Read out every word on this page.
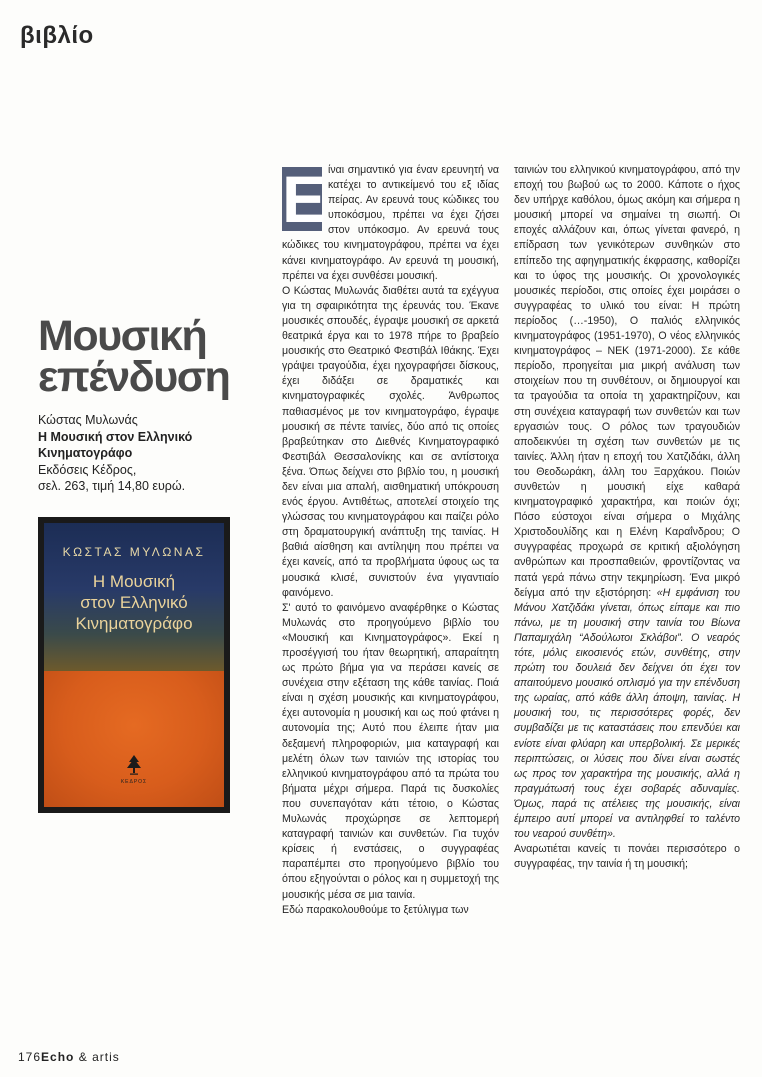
βιβλίο
Μουσική
επένδυση
Κώστας Μυλωνάς
Η Μουσική στον Ελληνικό Κινηματογράφο
Εκδόσεις Κέδρος,
σελ. 263, τιμή 14,80 ευρώ.
ΚΩΣΤΑΣ ΜΥΛΩΝΑΣ
Η Μουσική
στον Ελληνικό
Κινηματογράφο
ΚΕΔΡΟΣ

Ε ίναι σημαντικό για έναν ερευνητή να κατέχει το αντικείμενό του εξ ιδίας πείρας. Αν ερευνά τους κώδικες του υποκόσμου, πρέπει να έχει ζήσει στον υπόκοσμο. Αν ερευνά τους κώδικες του κινηματογράφου, πρέπει να έχει κάνει κινηματογράφο. Αν ερευνά τη μουσική, πρέπει να έχει συνθέσει μουσική.

Ο Κώστας Μυλωνάς διαθέτει αυτά τα εχέγγυα για τη σφαιρικότητα της έρευνάς του. Έκανε μουσικές σπουδές, έγραψε μουσική σε αρκετά θεατρικά έργα και το 1978 πήρε το βραβείο μουσικής στο Θεατρικό Φεστιβάλ Ιθάκης. Έχει γράψει τραγούδια, έχει ηχογραφήσει δίσκους, έχει διδάξει σε δραματικές και κινηματογραφικές σχολές. Άνθρωπος παθιασμένος με τον κινηματογράφο, έγραψε μουσική σε πέντε ταινίες, δύο από τις οποίες βραβεύτηκαν στο Διεθνές Κινηματογραφικό Φεστιβάλ Θεσσαλονίκης και σε αντίστοιχα ξένα. Όπως δείχνει στο βιβλίο του, η μουσική δεν είναι μια απαλή, αισθηματική υπόκρουση ενός έργου. Αντιθέτως, αποτελεί στοιχείο της γλώσσας του κινηματογράφου και παίζει ρόλο στη δραματουργική ανάπτυξη της ταινίας. Η βαθιά αίσθηση και αντίληψη που πρέπει να έχει κανείς, από τα προβλήματα ύφους ως τα μουσικά κλισέ, συνιστούν ένα γιγαντιαίο φαινόμενο.

Σ' αυτό το φαινόμενο αναφέρθηκε ο Κώστας Μυλωνάς στο προηγούμενο βιβλίο του «Μουσική και Κινηματογράφος». Εκεί η προσέγγισή του ήταν θεωρητική, απαραίτητη ως πρώτο βήμα για να περάσει κανείς σε συνέχεια στην εξέταση της κάθε ταινίας. Ποιά είναι η σχέση μουσικής και κινηματογράφου, έχει αυτονομία η μουσική και ως πού φτάνει η αυτονομία της; Αυτό που έλειπε ήταν μια δεξαμενή πληροφοριών, μια καταγραφή και μελέτη όλων των ταινιών της ιστορίας του ελληνικού κινηματογράφου από τα πρώτα του βήματα μέχρι σήμερα. Παρά τις δυσκολίες που συνεπαγόταν κάτι τέτοιο, ο Κώστας Μυλωνάς προχώρησε σε λεπτομερή καταγραφή ταινιών και συνθετών. Για τυχόν κρίσεις ή ενστάσεις, ο συγγραφέας παραπέμπει στο προηγούμενο βιβλίο του όπου εξηγούνται ο ρόλος και η συμμετοχή της μουσικής μέσα σε μια ταινία.

Εδώ παρακολουθούμε το ξετύλιγμα των

ταινιών του ελληνικού κινηματογράφου, από την εποχή του βωβού ως το 2000. Κάποτε ο ήχος δεν υπήρχε καθόλου, όμως ακόμη και σήμερα η μουσική μπορεί να σημαίνει τη σιωπή. Οι εποχές αλλάζουν και, όπως γίνεται φανερό, η επίδραση των γενικότερων συνθηκών στο επίπεδο της αφηγηματικής έκφρασης, καθορίζει και το ύφος της μουσικής. Οι χρονολογικές μουσικές περίοδοι, στις οποίες έχει μοιράσει ο συγγραφέας το υλικό του είναι: Η πρώτη περίοδος (…-1950), Ο παλιός ελληνικός κινηματογράφος (1951-1970), Ο νέος ελληνικός κινηματογράφος – ΝΕΚ (1971-2000). Σε κάθε περίοδο, προηγείται μια μικρή ανάλυση των στοιχείων που τη συνθέτουν, οι δημιουργοί και τα τραγούδια τα οποία τη χαρακτηρίζουν, και στη συνέχεια καταγραφή των συνθετών και των εργασιών τους. Ο ρόλος των τραγουδιών αποδεικνύει τη σχέση των συνθετών με τις ταινίες. Άλλη ήταν η εποχή του Χατζιδάκι, άλλη του Θεοδωράκη, άλλη του Ξαρχάκου. Ποιών συνθετών η μουσική είχε καθαρά κινηματογραφικό χαρακτήρα, και ποιών όχι; Πόσο εύστοχοι είναι σήμερα ο Μιχάλης Χριστοδουλίδης και η Ελένη Καραΐνδρου; Ο συγγραφέας προχωρά σε κριτική αξιολόγηση ανθρώπων και προσπαθειών, φροντίζοντας να πατά γερά πάνω στην τεκμηρίωση. Ένα μικρό δείγμα από την εξιστόρηση: «Η εμφάνιση του Μάνου Χατζιδάκι γίνεται, όπως είπαμε και πιο πάνω, με τη μουσική στην ταινία του Βίωνα Παπαμιχάλη “Αδούλωτοι Σκλάβοι”. Ο νεαρός τότε, μόλις εικοσιενός ετών, συνθέτης, στην πρώτη του δουλειά δεν δείχνει ότι έχει τον απαιτούμενο μουσικό οπλισμό για την επένδυση της ωραίας, από κάθε άλλη άποψη, ταινίας. Η μουσική του, τις περισσότερες φορές, δεν συμβαδίζει με τις καταστάσεις που επενδύει και ενίοτε είναι φλύαρη και υπερβολική. Σε μερικές περιπτώσεις, οι λύσεις που δίνει είναι σωστές ως προς τον χαρακτήρα της μουσικής, αλλά η πραγμάτωσή τους έχει σοβαρές αδυναμίες. Όμως, παρά τις ατέλειες της μουσικής, είναι έμπειρο αυτί μπορεί να αντιληφθεί το ταλέντο του νεαρού συνθέτη».

Αναρωτιέται κανείς τι πονάει περισσότερο ο συγγραφέας, την ταινία ή τη μουσική;

176Echo & artis
